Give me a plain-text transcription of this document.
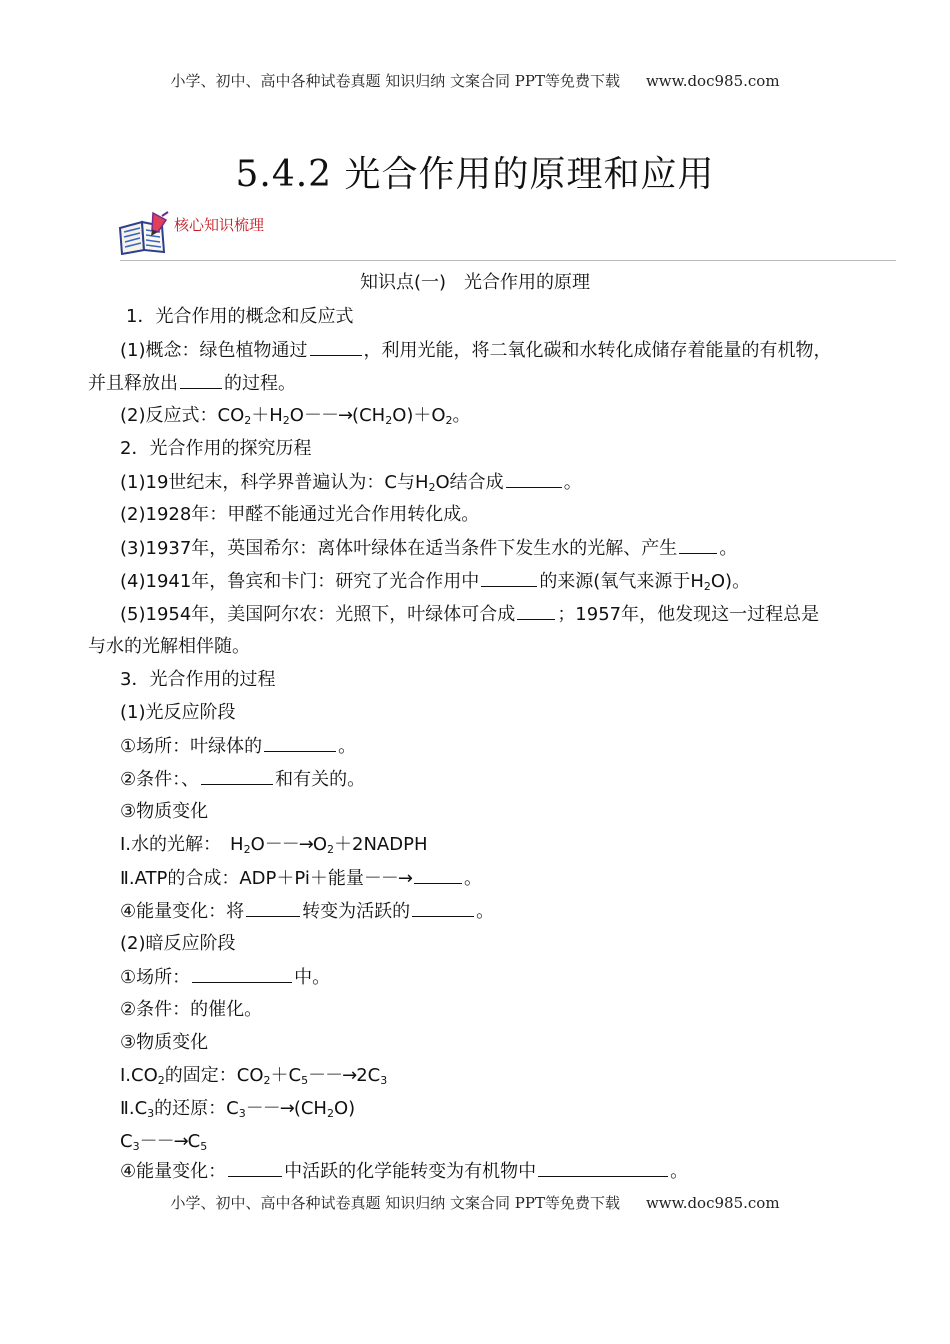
小学、初中、高中各种试卷真题 知识归纳 文案合同 PPT等免费下载 www.doc985.com
5.4.2 光合作用的原理和应用
核心知识梳理
知识点(一)　光合作用的原理
1．光合作用的概念和反应式
(1)概念：绿色植物通过	，利用光能，将二氧化碳和水转化成储存着能量的有机物，
并且释放出	的过程。
(2)反应式：$CO_2+H_2O--\to(CH_2O)+O_2$。
2．光合作用的探究历程
(1)19世纪末，科学界普遍认为：C与$H_2O$结合成	。
(2)1928年：甲醛不能通过光合作用转化成。
(3)1937年，英国希尔：离体叶绿体在适当条件下发生水的光解、产生 。
(4)1941年，鲁宾和卡门：研究了光合作用中	的来源(氧气来源于$H_2O$)。
(5)1954年，美国阿尔农：光照下，叶绿体可合成 ；1957年，他发现这一过程总是
与水的光解相伴随。
3．光合作用的过程
(1)光反应阶段
①场所：叶绿体的	。
②条件：、	和有关的。
③物质变化
Ⅰ.水的光解：　$H_2O--\to O_2+2NADPH$
Ⅱ.ATP的合成：ADP＋Pi＋能量－－→	。
④能量变化：将	转变为活跃的	。
(2)暗反应阶段
①场所：	中。
②条件：的催化。
③物质变化
$Ⅰ.CO_2$的固定：$CO_2+C_5--\to 2C_3$
$Ⅱ.C_3$的还原：$C_3--\to(CH_2O)$
$C_3--\to C_5$
④能量变化：	中活跃的化学能转变为有机物中	。
小学、初中、高中各种试卷真题 知识归纳 文案合同 PPT等免费下载 www.doc985.com
